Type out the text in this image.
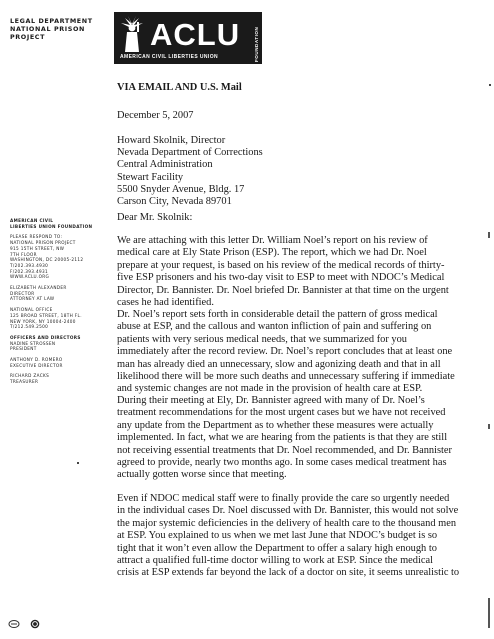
LEGAL DEPARTMENT
NATIONAL PRISON
PROJECT	ACLU
AMERICAN CIVIL LIBERTIES UNION	FOUNDATION
AMERICAN CIVIL
LIBERTIES UNION FOUNDATION
PLEASE RESPOND TO:
NATIONAL PRISON PROJECT
915 15TH STREET, NW
7TH FLOOR
WASHINGTON, DC 20005-2112
T/202.393.4930
F/202.393.4931
WWW.ACLU.ORG
ELIZABETH ALEXANDER
DIRECTOR
ATTORNEY AT LAW
NATIONAL OFFICE
125 BROAD STREET, 18TH FL.
NEW YORK, NY 10004-2400
T/212.549.2500
OFFICERS AND DIRECTORS
NADINE STROSSEN
PRESIDENT
ANTHONY D. ROMERO
EXECUTIVE DIRECTOR
RICHARD ZACKS
TREASURER
VIA EMAIL AND U.S. Mail
December 5, 2007
Howard Skolnik, Director
Nevada Department of Corrections
Central Administration
Stewart Facility
5500 Snyder Avenue, Bldg. 17
Carson City, Nevada 89701
Dear Mr. Skolnik:
We are attaching with this letter Dr. William Noel’s report on his review of
medical care at Ely State Prison (ESP). The report, which we had Dr. Noel
prepare at your request, is based on his review of the medical records of thirty-
five ESP prisoners and his two-day visit to ESP to meet with NDOC’s Medical
Director, Dr. Bannister. Dr. Noel briefed Dr. Bannister at that time on the urgent
cases he had identified.
Dr. Noel’s report sets forth in considerable detail the pattern of gross medical
abuse at ESP, and the callous and wanton infliction of pain and suffering on
patients with very serious medical needs, that we summarized for you
immediately after the record review. Dr. Noel’s report concludes that at least one
man has already died an unnecessary, slow and agonizing death and that in all
likelihood there will be more such deaths and unnecessary suffering if immediate
and systemic changes are not made in the provision of health care at ESP.
During their meeting at Ely, Dr. Bannister agreed with many of Dr. Noel’s
treatment recommendations for the most urgent cases but we have not received
any update from the Department as to whether these measures were actually
implemented. In fact, what we are hearing from the patients is that they are still
not receiving essential treatments that Dr. Noel recommended, and Dr. Bannister
agreed to provide, nearly two months ago. In some cases medical treatment has
actually gotten worse since that meeting.
Even if NDOC medical staff were to finally provide the care so urgently needed
in the individual cases Dr. Noel discussed with Dr. Bannister, this would not solve
the major systemic deficiencies in the delivery of health care to the thousand men
at ESP. You explained to us when we met last June that NDOC’s budget is so
tight that it won’t even allow the Department to offer a salary high enough to
attract a qualified full-time doctor willing to work at ESP. Since the medical
crisis at ESP extends far beyond the lack of a doctor on site, it seems unrealistic to
